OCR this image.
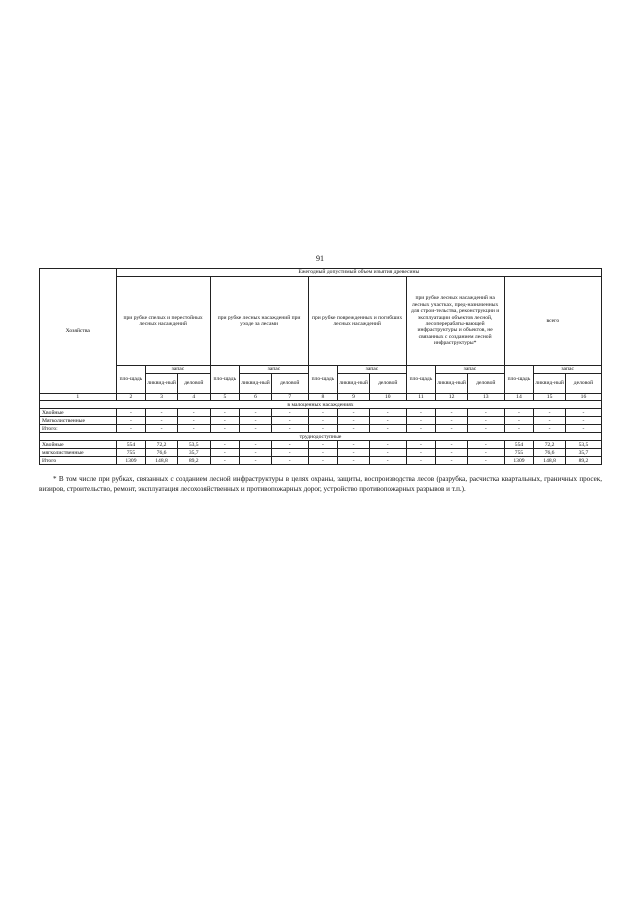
91
Хозяйства	Ежегодный допустимый объем изъятия древесины														
	при рубке спелых и перестойных лесных насаждений			при рубке лесных насаждений при уходе за лесами			при рубке поврежденных и погибших лесных насаждений			при рубке лесных насаждений на лесных участках, пред-назначенных для строи-тельства, реконструкции и эксплуатации объектов лесной, лесоперерабаты-вающей инфраструктуры и объектов, не связанных с созданием лесной инфраструктуры*			всего		
	пло-щадь	запас		пло-щадь	запас		пло-щадь	запас		пло-щадь	запас		пло-щадь	запас	
		ликвид-ный	деловой		ликвид-ный	деловой		ликвид-ный	деловой		ликвид-ный	деловой		ликвид-ный	деловой
1	2	3	4	5	6	7	8	9	10	11	12	13	14	15	16
в малоценных насаждениях															
Хвойные	-	-	-	-	-	-	-	-	-	-	-	-	-	-	-
Мягколиственные	-	-	-	-	-	-	-	-	-	-	-	-	-	-	-
Итого:	-	-	-	-	-	-	-	-	-	-	-	-	-	-	-
труднодоступные															
Хвойные	554	72,2	53,5	-	-	-	-	-	-	-	-	-	554	72,2	53,5
мягколиственные	755	76,6	35,7	-	-	-	-	-	-	-	-	-	755	76,6	35,7
Итого	1309	148,8	89,2	-	-	-	-	-	-	-	-	-	1309	148,8	89,2

* В том числе при рубках, связанных с созданием лесной инфраструктуры в целях охраны, защиты, воспроизводства лесов (разрубка, расчистка квартальных, граничных просек, визиров, строительство, ремонт, эксплуатация лесохозяйственных и противопожарных дорог, устройство противопожарных разрывов и т.п.).
